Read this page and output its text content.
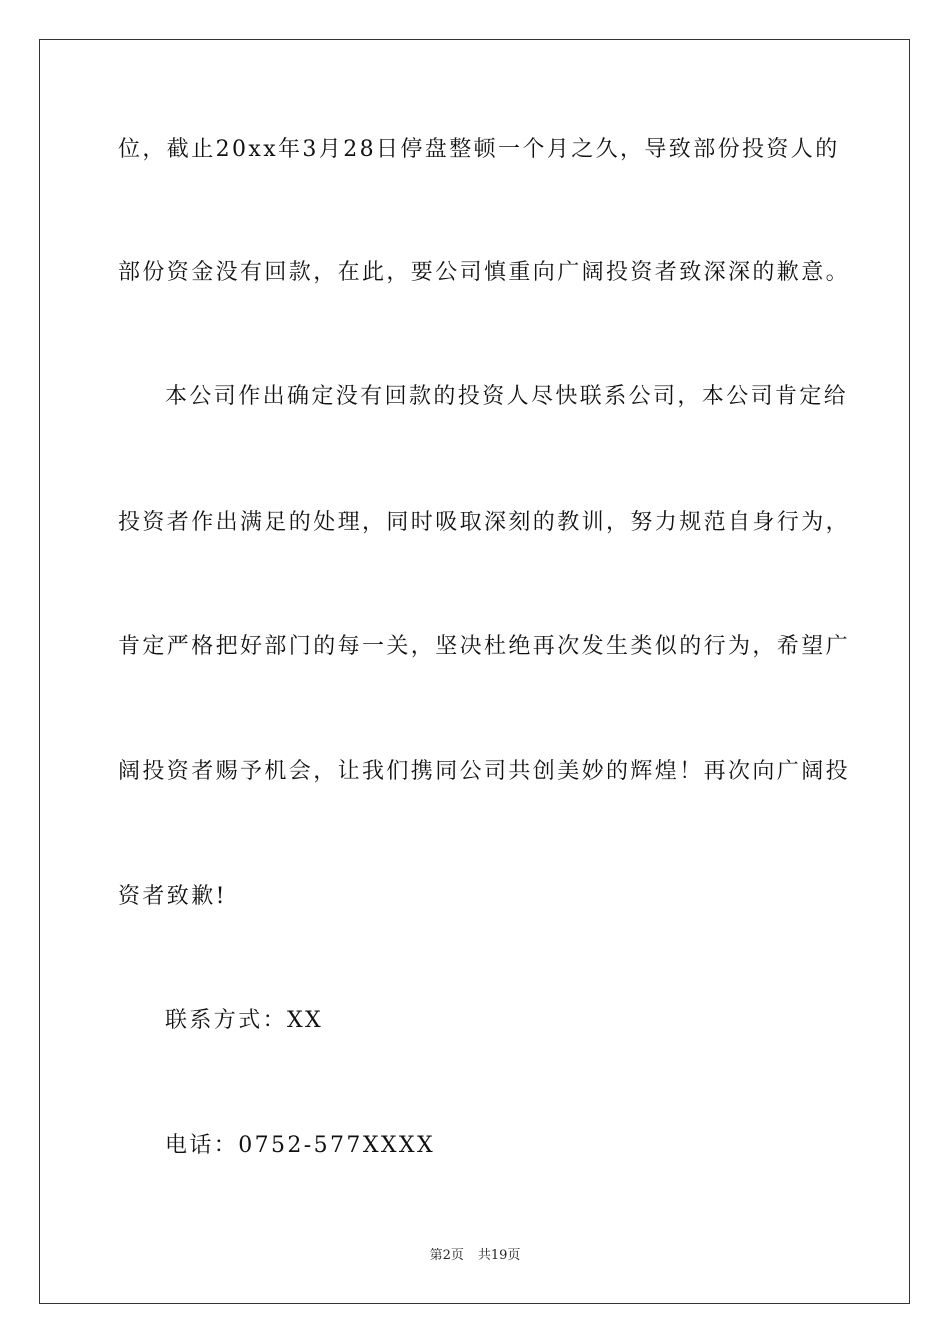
位，截止20xx年3月28日停盘整顿一个月之久，导致部份投资人的
部份资金没有回款，在此，要公司慎重向广阔投资者致深深的歉意。
本公司作出确定没有回款的投资人尽快联系公司，本公司肯定给
投资者作出满足的处理，同时吸取深刻的教训，努力规范自身行为，
肯定严格把好部门的每一关，坚决杜绝再次发生类似的行为，希望广
阔投资者赐予机会，让我们携同公司共创美妙的辉煌！再次向广阔投
资者致歉!
联系方式：XX
电话：0752-577XXXX
第2页 共19页
